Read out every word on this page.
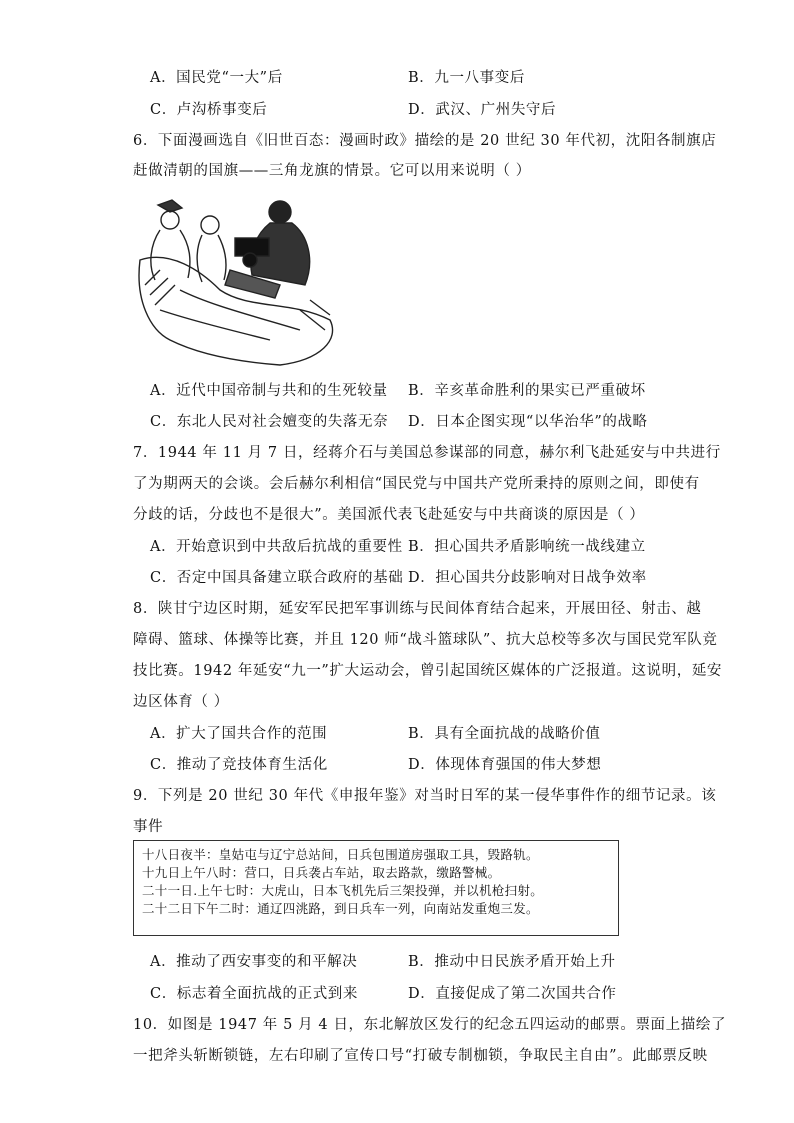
A．国民党“一大”后	B．九一八事变后
C．卢沟桥事变后	D．武汉、广州失守后
6．下面漫画选自《旧世百态：漫画时政》描绘的是 20 世纪 30 年代初，沈阳各制旗店
赶做清朝的国旗——三角龙旗的情景。它可以用来说明（ ）
A．近代中国帝制与共和的生死较量 B．辛亥革命胜利的果实已严重破坏
C．东北人民对社会嬗变的失落无奈 D．日本企图实现“以华治华”的战略
7．1944 年 11 月 7 日，经蒋介石与美国总参谋部的同意，赫尔利飞赴延安与中共进行
了为期两天的会谈。会后赫尔利相信“国民党与中国共产党所秉持的原则之间，即使有
分歧的话，分歧也不是很大”。美国派代表飞赴延安与中共商谈的原因是（ ）
A．开始意识到中共敌后抗战的重要性 B．担心国共矛盾影响统一战线建立
C．否定中国具备建立联合政府的基础 D．担心国共分歧影响对日战争效率
8．陕甘宁边区时期，延安军民把军事训练与民间体育结合起来，开展田径、射击、越
障碍、篮球、体操等比赛，并且 120 师“战斗篮球队”、抗大总校等多次与国民党军队竞
技比赛。1942 年延安“九一”扩大运动会，曾引起国统区媒体的广泛报道。这说明，延安
边区体育（ ）
A．扩大了国共合作的范围	B．具有全面抗战的战略价值
C．推动了竞技体育生活化	D．体现体育强国的伟大梦想
9．下列是 20 世纪 30 年代《申报年鉴》对当时日军的某一侵华事件作的细节记录。该
事件
十八日夜半：皇姑屯与辽宁总站间，日兵包围道房强取工具，毁路轨。
十九日上午八时：营口，日兵袭占车站，取去路款，缴路警械。
二十一日.上午七时：大虎山，日本飞机先后三架投弹，并以机枪扫射。
二十二日下午二时：通辽四洮路，到日兵车一列，向南站发重炮三发。
A．推动了西安事变的和平解决	B．推动中日民族矛盾开始上升
C．标志着全面抗战的正式到来	D．直接促成了第二次国共合作
10．如图是 1947 年 5 月 4 日，东北解放区发行的纪念五四运动的邮票。票面上描绘了
一把斧头斩断锁链，左右印刷了宣传口号“打破专制枷锁，争取民主自由”。此邮票反映
